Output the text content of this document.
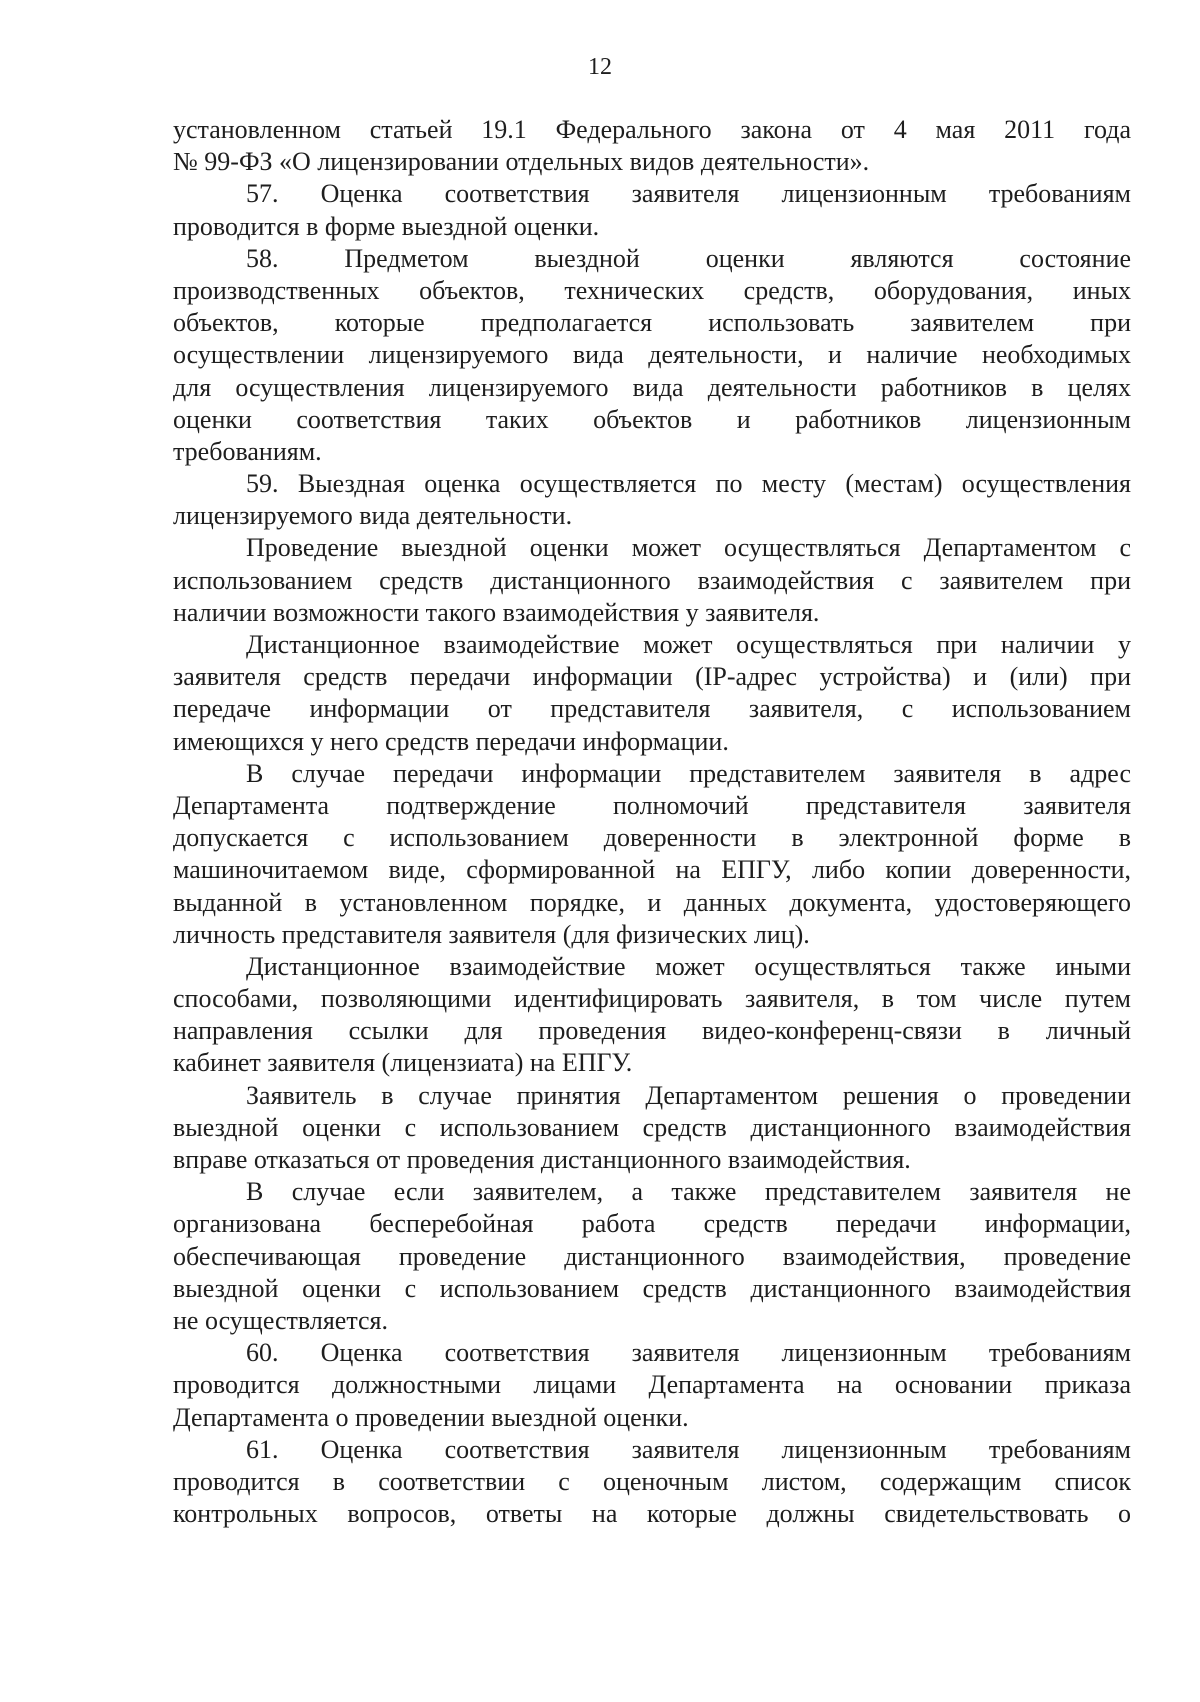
12
установленном статьей 19.1 Федерального закона от 4 мая 2011 года
№ 99-ФЗ «О лицензировании отдельных видов деятельности».
57. Оценка соответствия заявителя лицензионным требованиям
проводится в форме выездной оценки.
58. Предметом выездной оценки являются состояние
производственных объектов, технических средств, оборудования, иных
объектов, которые предполагается использовать заявителем при
осуществлении лицензируемого вида деятельности, и наличие необходимых
для осуществления лицензируемого вида деятельности работников в целях
оценки соответствия таких объектов и работников лицензионным
требованиям.
59. Выездная оценка осуществляется по месту (местам) осуществления
лицензируемого вида деятельности.
Проведение выездной оценки может осуществляться Департаментом с
использованием средств дистанционного взаимодействия с заявителем при
наличии возможности такого взаимодействия у заявителя.
Дистанционное взаимодействие может осуществляться при наличии у
заявителя средств передачи информации (IP-адрес устройства) и (или) при
передаче информации от представителя заявителя, с использованием
имеющихся у него средств передачи информации.
В случае передачи информации представителем заявителя в адрес
Департамента подтверждение полномочий представителя заявителя
допускается с использованием доверенности в электронной форме в
машиночитаемом виде, сформированной на ЕПГУ, либо копии доверенности,
выданной в установленном порядке, и данных документа, удостоверяющего
личность представителя заявителя (для физических лиц).
Дистанционное взаимодействие может осуществляться также иными
способами, позволяющими идентифицировать заявителя, в том числе путем
направления ссылки для проведения видео-конференц-связи в личный
кабинет заявителя (лицензиата) на ЕПГУ.
Заявитель в случае принятия Департаментом решения о проведении
выездной оценки с использованием средств дистанционного взаимодействия
вправе отказаться от проведения дистанционного взаимодействия.
В случае если заявителем, а также представителем заявителя не
организована бесперебойная работа средств передачи информации,
обеспечивающая проведение дистанционного взаимодействия, проведение
выездной оценки с использованием средств дистанционного взаимодействия
не осуществляется.
60. Оценка соответствия заявителя лицензионным требованиям
проводится должностными лицами Департамента на основании приказа
Департамента о проведении выездной оценки.
61. Оценка соответствия заявителя лицензионным требованиям
проводится в соответствии с оценочным листом, содержащим список
контрольных вопросов, ответы на которые должны свидетельствовать о
